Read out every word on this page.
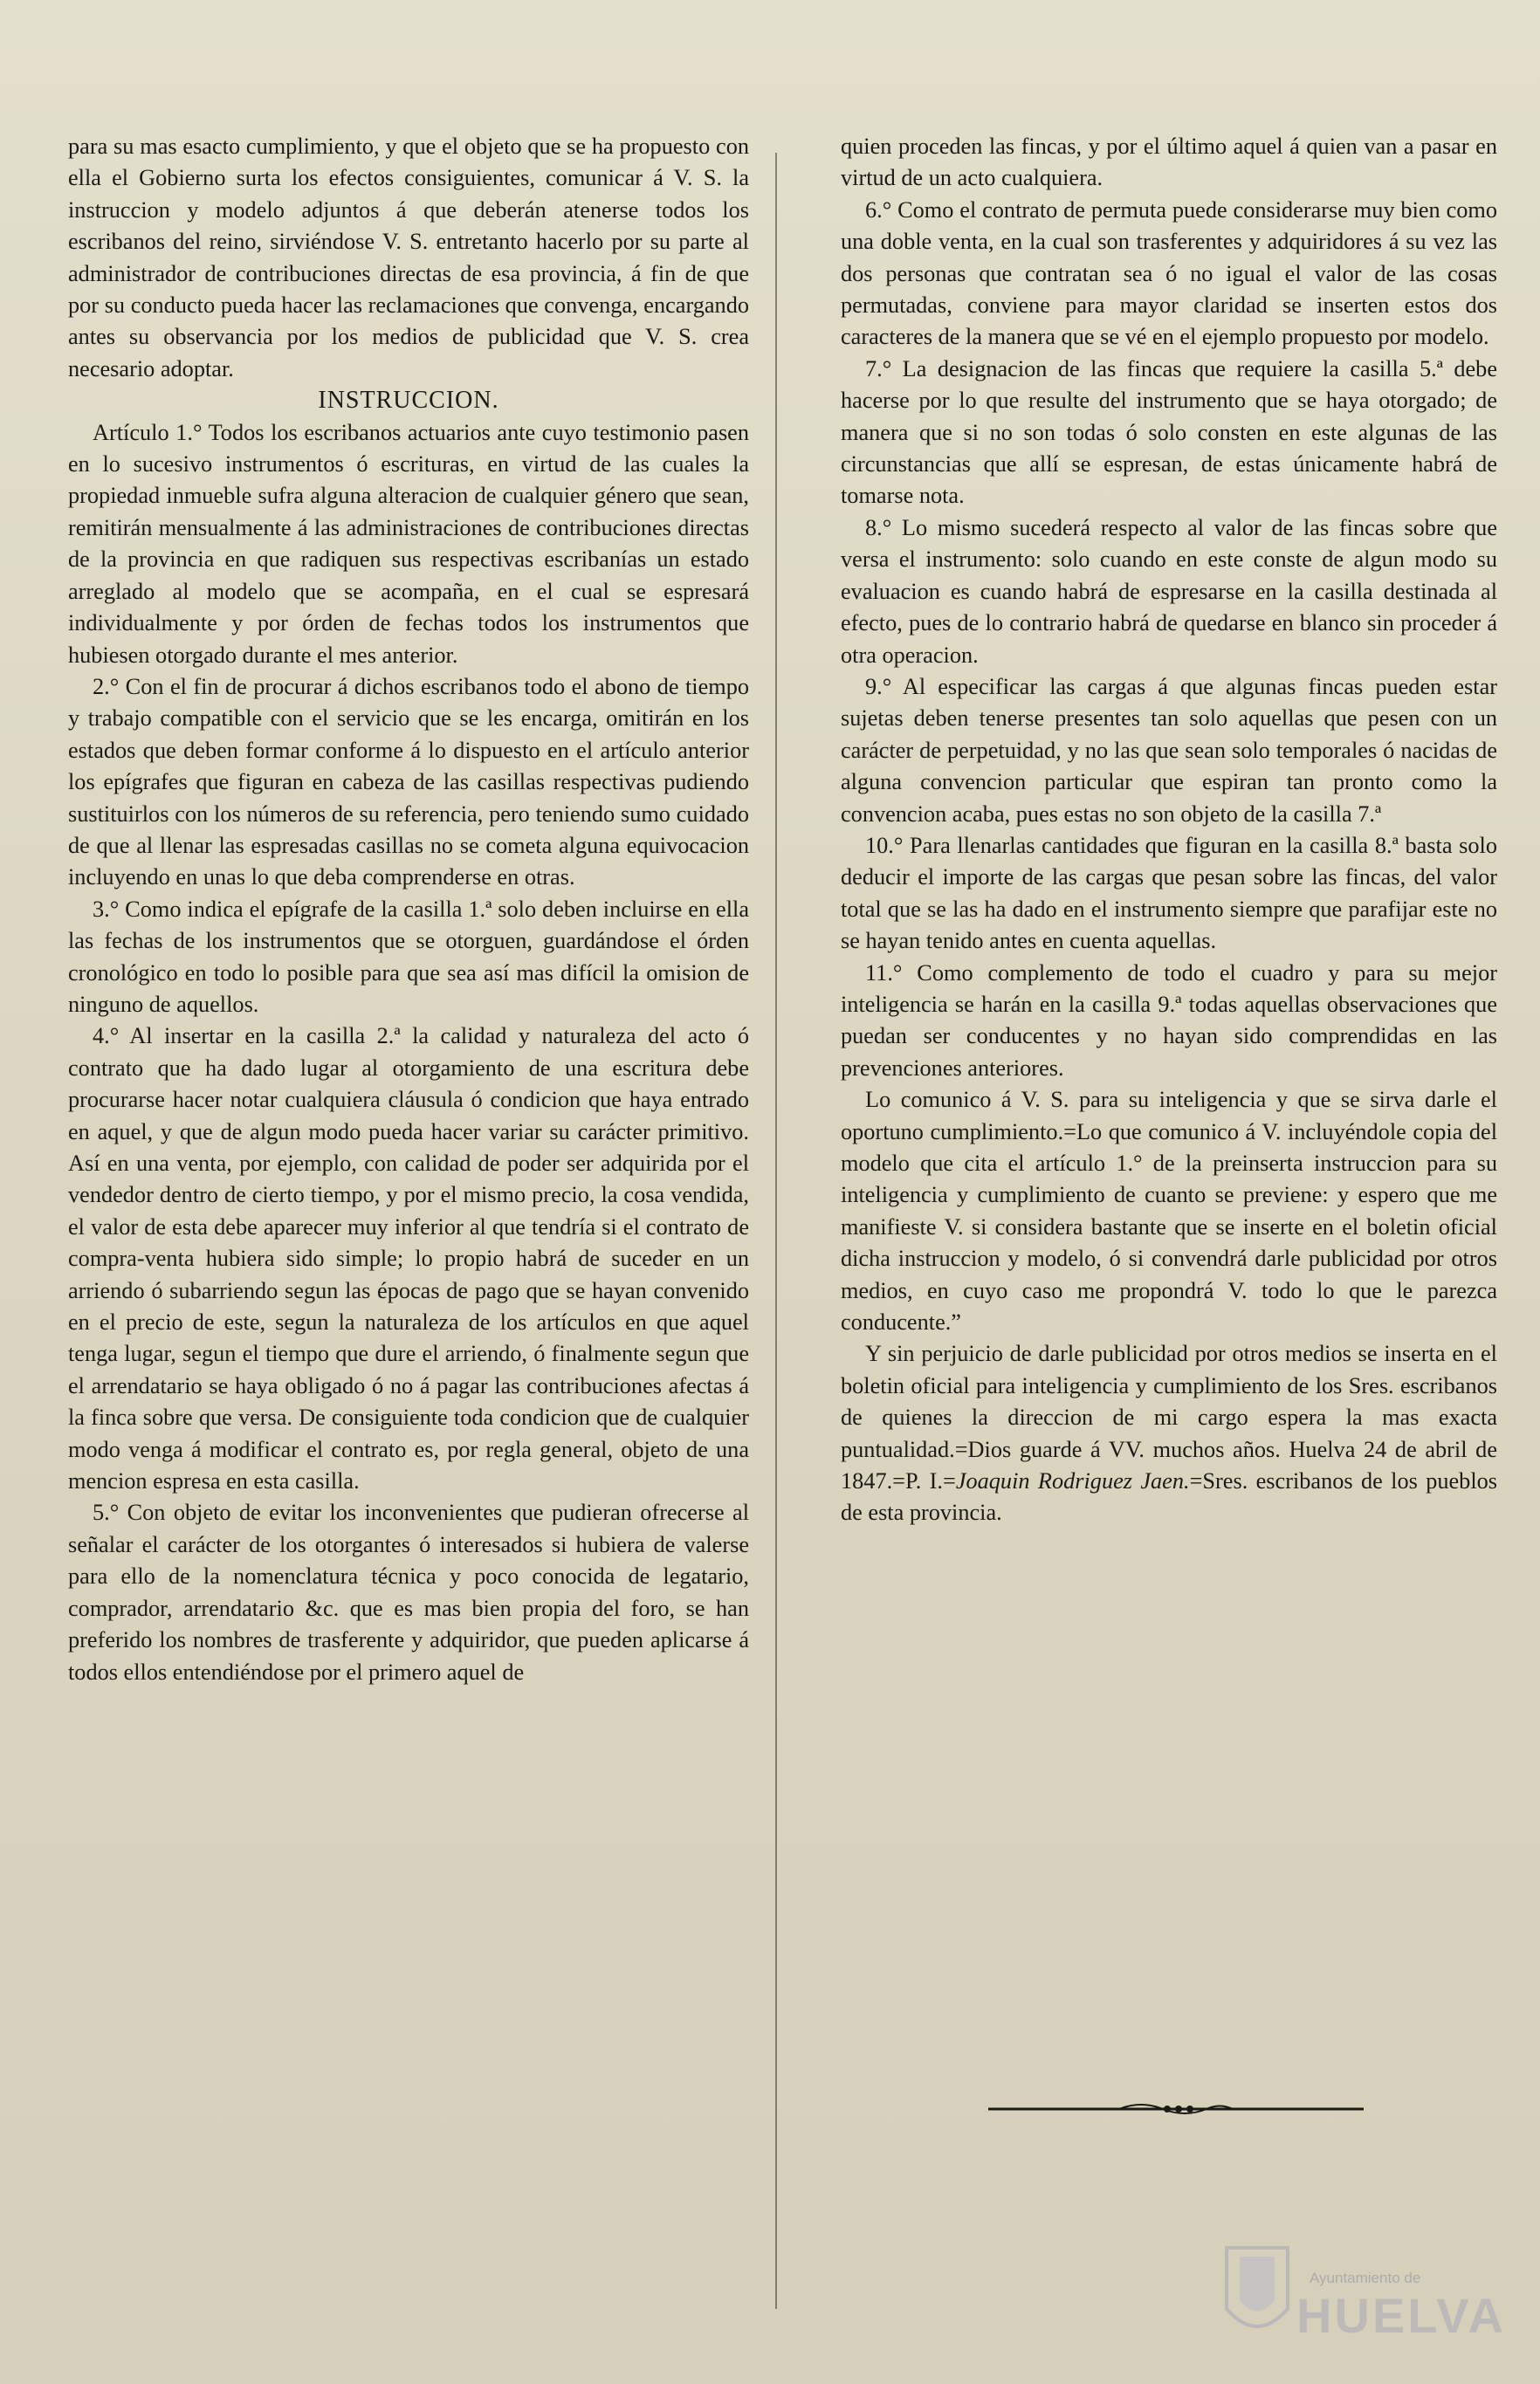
para su mas esacto cumplimiento, y que el objeto que se ha propuesto con ella el Gobierno surta los efectos consiguientes, comunicar á V. S. la instruccion y modelo adjuntos á que deberán atenerse todos los escribanos del reino, sirviéndose V. S. entretanto hacerlo por su parte al administrador de contribuciones directas de esa provincia, á fin de que por su conducto pueda hacer las reclamaciones que convenga, encargando antes su observancia por los medios de publicidad que V. S. crea necesario adoptar.

INSTRUCCION.

Artículo 1.° Todos los escribanos actuarios ante cuyo testimonio pasen en lo sucesivo instrumentos ó escrituras, en virtud de las cuales la propiedad inmueble sufra alguna alteracion de cualquier género que sean, remitirán mensualmente á las administraciones de contribuciones directas de la provincia en que radiquen sus respectivas escribanías un estado arreglado al modelo que se acompaña, en el cual se espresará individualmente y por órden de fechas todos los instrumentos que hubiesen otorgado durante el mes anterior.

2.° Con el fin de procurar á dichos escribanos todo el abono de tiempo y trabajo compatible con el servicio que se les encarga, omitirán en los estados que deben formar conforme á lo dispuesto en el artículo anterior los epígrafes que figuran en cabeza de las casillas respectivas pudiendo sustituirlos con los números de su referencia, pero teniendo sumo cuidado de que al llenar las espresadas casillas no se cometa alguna equivocacion incluyendo en unas lo que deba comprenderse en otras.

3.° Como indica el epígrafe de la casilla 1.ª solo deben incluirse en ella las fechas de los instrumentos que se otorguen, guardándose el órden cronológico en todo lo posible para que sea así mas difícil la omision de ninguno de aquellos.

4.° Al insertar en la casilla 2.ª la calidad y naturaleza del acto ó contrato que ha dado lugar al otorgamiento de una escritura debe procurarse hacer notar cualquiera cláusula ó condicion que haya entrado en aquel, y que de algun modo pueda hacer variar su carácter primitivo. Así en una venta, por ejemplo, con calidad de poder ser adquirida por el vendedor dentro de cierto tiempo, y por el mismo precio, la cosa vendida, el valor de esta debe aparecer muy inferior al que tendría si el contrato de compra-venta hubiera sido simple; lo propio habrá de suceder en un arriendo ó subarriendo segun las épocas de pago que se hayan convenido en el precio de este, segun la naturaleza de los artículos en que aquel tenga lugar, segun el tiempo que dure el arriendo, ó finalmente segun que el arrendatario se haya obligado ó no á pagar las contribuciones afectas á la finca sobre que versa. De consiguiente toda condicion que de cualquier modo venga á modificar el contrato es, por regla general, objeto de una mencion espresa en esta casilla.

5.° Con objeto de evitar los inconvenientes que pudieran ofrecerse al señalar el carácter de los otorgantes ó interesados si hubiera de valerse para ello de la nomenclatura técnica y poco conocida de legatario, comprador, arrendatario &c. que es mas bien propia del foro, se han preferido los nombres de trasferente y adquiridor, que pueden aplicarse á todos ellos entendiéndose por el primero aquel de

quien proceden las fincas, y por el último aquel á quien van a pasar en virtud de un acto cualquiera.

6.° Como el contrato de permuta puede considerarse muy bien como una doble venta, en la cual son trasferentes y adquiridores á su vez las dos personas que contratan sea ó no igual el valor de las cosas permutadas, conviene para mayor claridad se inserten estos dos caracteres de la manera que se vé en el ejemplo propuesto por modelo.

7.° La designacion de las fincas que requiere la casilla 5.ª debe hacerse por lo que resulte del instrumento que se haya otorgado; de manera que si no son todas ó solo consten en este algunas de las circunstancias que allí se espresan, de estas únicamente habrá de tomarse nota.

8.° Lo mismo sucederá respecto al valor de las fincas sobre que versa el instrumento: solo cuando en este conste de algun modo su evaluacion es cuando habrá de espresarse en la casilla destinada al efecto, pues de lo contrario habrá de quedarse en blanco sin proceder á otra operacion.

9.° Al especificar las cargas á que algunas fincas pueden estar sujetas deben tenerse presentes tan solo aquellas que pesen con un carácter de perpetuidad, y no las que sean solo temporales ó nacidas de alguna convencion particular que espiran tan pronto como la convencion acaba, pues estas no son objeto de la casilla 7.ª

10.° Para llenarlas cantidades que figuran en la casilla 8.ª basta solo deducir el importe de las cargas que pesan sobre las fincas, del valor total que se las ha dado en el instrumento siempre que parafijar este no se hayan tenido antes en cuenta aquellas.

11.° Como complemento de todo el cuadro y para su mejor inteligencia se harán en la casilla 9.ª todas aquellas observaciones que puedan ser conducentes y no hayan sido comprendidas en las prevenciones anteriores.

Lo comunico á V. S. para su inteligencia y que se sirva darle el oportuno cumplimiento.=Lo que comunico á V. incluyéndole copia del modelo que cita el artículo 1.° de la preinserta instruccion para su inteligencia y cumplimiento de cuanto se previene: y espero que me manifieste V. si considera bastante que se inserte en el boletin oficial dicha instruccion y modelo, ó si convendrá darle publicidad por otros medios, en cuyo caso me propondrá V. todo lo que le parezca conducente.”

Y sin perjuicio de darle publicidad por otros medios se inserta en el boletin oficial para inteligencia y cumplimiento de los Sres. escribanos de quienes la direccion de mi cargo espera la mas exacta puntualidad.=Dios guarde á VV. muchos años. Huelva 24 de abril de 1847.=P. I.=Joaquin Rodriguez Jaen.=Sres. escribanos de los pueblos de esta provincia.

Ayuntamiento de
HUELVA
